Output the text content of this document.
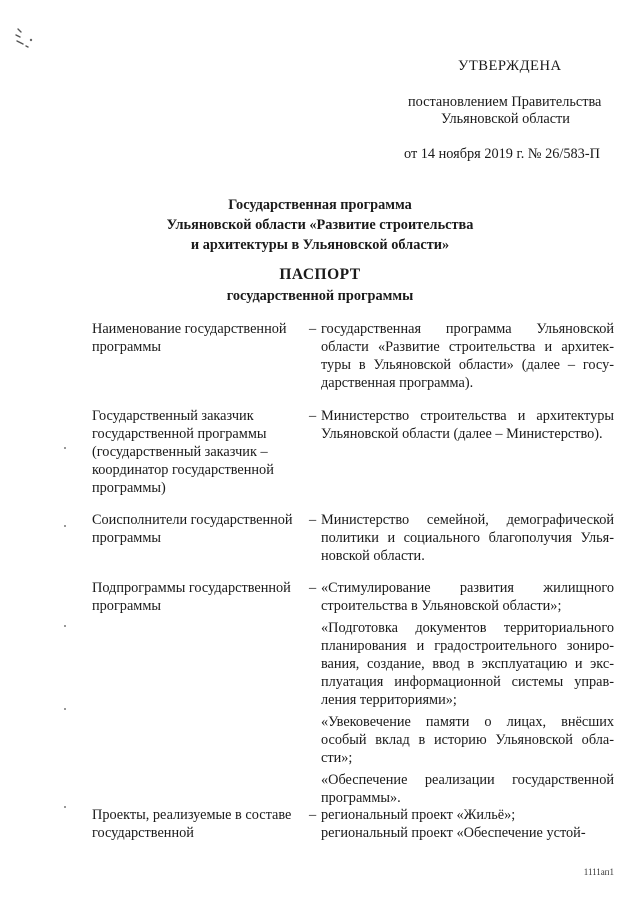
УТВЕРЖДЕНА
постановлением Правительства
Ульяновской области
от 14 ноября 2019 г. № 26/583-П
Государственная программа
Ульяновской области «Развитие строительства
и архитектуры в Ульяновской области»
ПАСПОРТ
государственной программы
Наименование государственной программы
– государственная программа Ульяновской области «Развитие строительства и архитектуры в Ульяновской области» (далее – государственная программа).

Государственный заказчик государственной программы (государственный заказчик – координатор государственной программы)
– Министерство строительства и архитектуры Ульяновской области (далее – Министерство).

Соисполнители государственной программы
– Министерство семейной, демографической политики и социального благополучия Ульяновской области.

Подпрограммы государственной программы
– «Стимулирование развития жилищного строительства в Ульяновской области»;

«Подготовка документов территориального планирования и градостроительного зонирования, создание, ввод в эксплуатацию и эксплуатация информационной системы управления территориями»;

«Увековечение памяти о лицах, внёсших особый вклад в историю Ульяновской области»;

«Обеспечение реализации государственной программы».

Проекты, реализуемые в составе государственной
– региональный проект «Жильё»;

региональный проект «Обеспечение устой-

1111ап1
